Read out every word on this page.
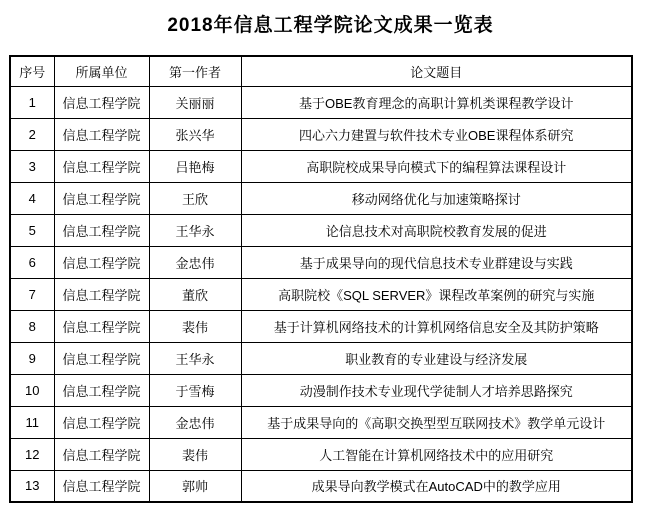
2018年信息工程学院论文成果一览表
序号	所属单位	第一作者	论文题目
1	信息工程学院	关丽丽	基于OBE教育理念的高职计算机类课程教学设计
2	信息工程学院	张兴华	四心六力建置与软件技术专业OBE课程体系研究
3	信息工程学院	吕艳梅	高职院校成果导向模式下的编程算法课程设计
4	信息工程学院	王欣	移动网络优化与加速策略探讨
5	信息工程学院	王华永	论信息技术对高职院校教育发展的促进
6	信息工程学院	金忠伟	基于成果导向的现代信息技术专业群建设与实践
7	信息工程学院	董欣	高职院校《SQL SERVER》课程改革案例的研究与实施
8	信息工程学院	裴伟	基于计算机网络技术的计算机网络信息安全及其防护策略
9	信息工程学院	王华永	职业教育的专业建设与经济发展
10	信息工程学院	于雪梅	动漫制作技术专业现代学徒制人才培养思路探究
11	信息工程学院	金忠伟	基于成果导向的《高职交换型型互联网技术》教学单元设计
12	信息工程学院	裴伟	人工智能在计算机网络技术中的应用研究
13	信息工程学院	郭帅	成果导向教学模式在AutoCAD中的教学应用
